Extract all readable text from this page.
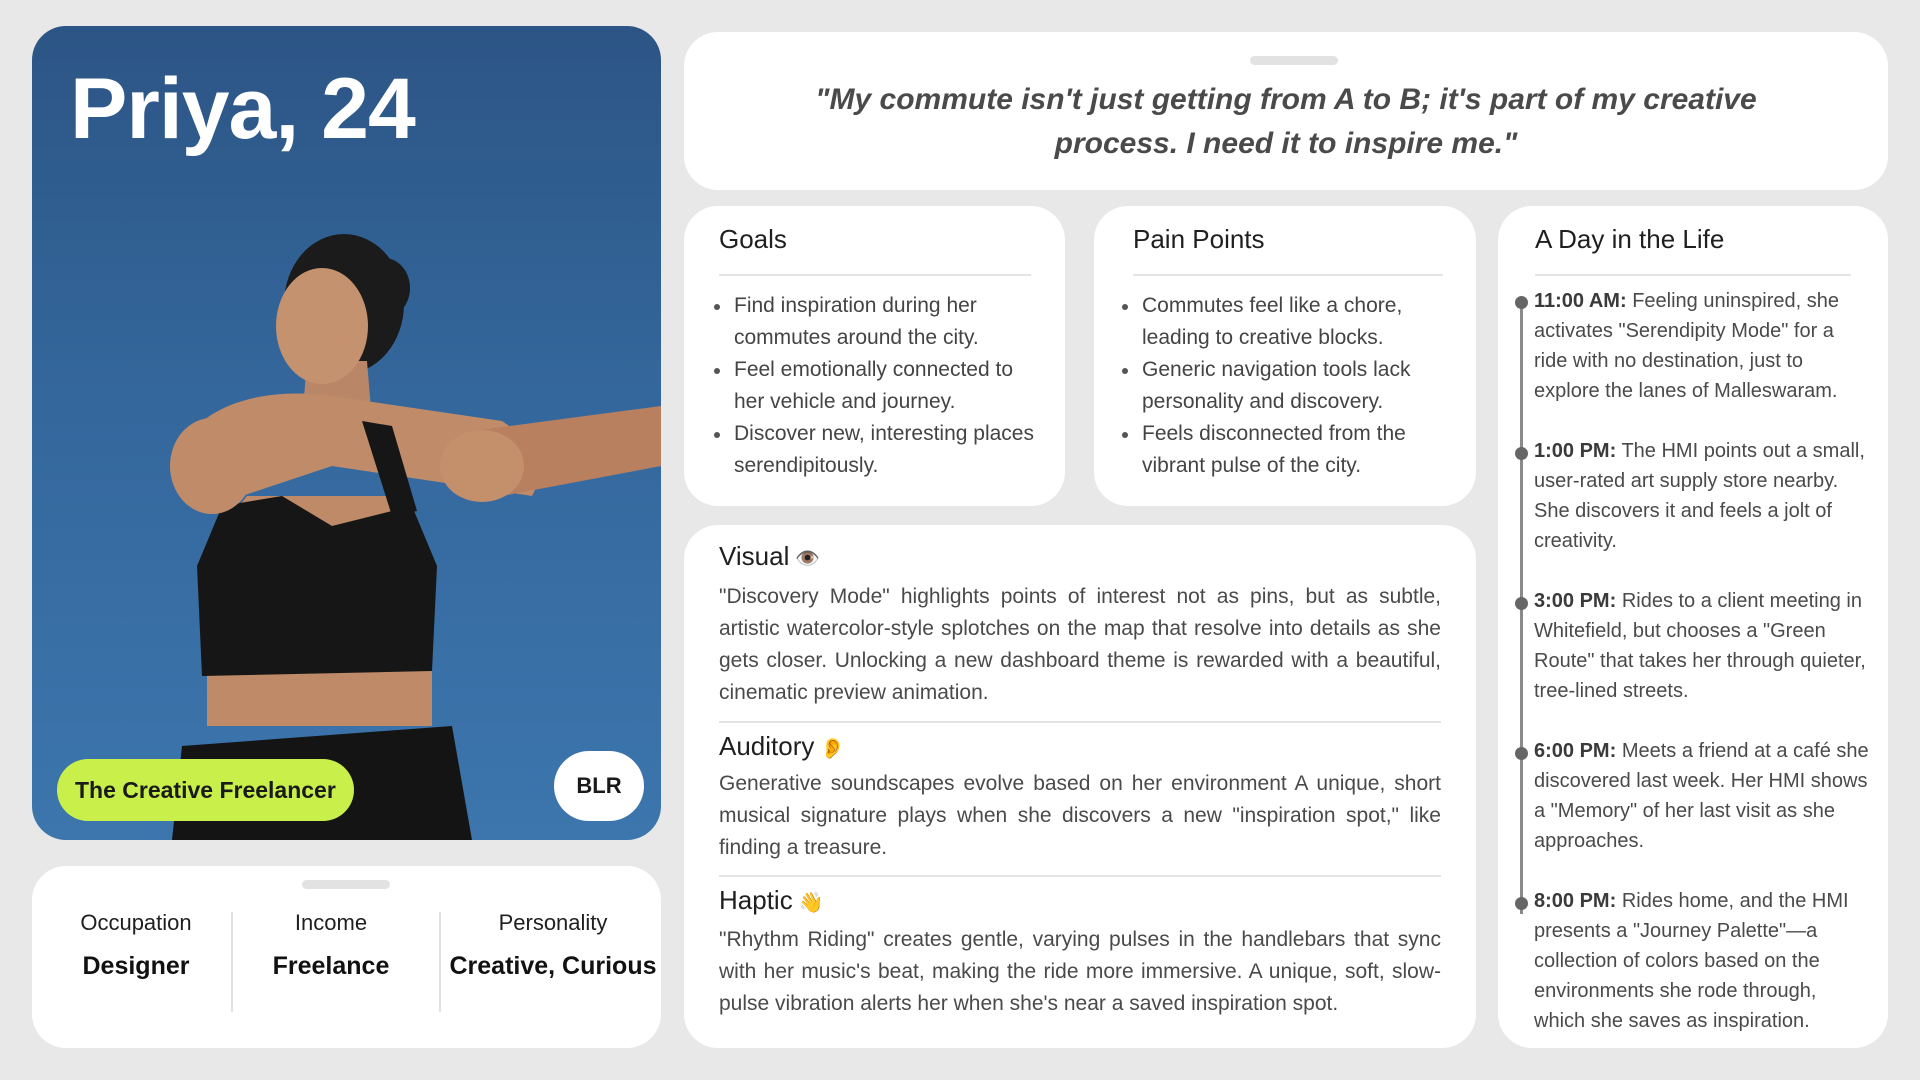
Priya, 24
The Creative Freelancer	BLR
Occupation
Designer
Income
Freelance
Personality
Creative, Curious
"My commute isn't just getting from A to B; it's part of my creative process. I need it to inspire me."
Goals
Find inspiration during her commutes around the city.
Feel emotionally connected to her vehicle and journey.
Discover new, interesting places serendipitously.
Pain Points
Commutes feel like a chore, leading to creative blocks.
Generic navigation tools lack personality and discovery.
Feels disconnected from the vibrant pulse of the city.
Visual 👁️
"Discovery Mode" highlights points of interest not as pins, but as subtle, artistic watercolor-style splotches on the map that resolve into details as she gets closer. Unlocking a new dashboard theme is rewarded with a beautiful, cinematic preview animation.
Auditory 👂
Generative soundscapes evolve based on her environment A unique, short musical signature plays when she discovers a new "inspiration spot," like finding a treasure.
Haptic 👋
"Rhythm Riding" creates gentle, varying pulses in the handlebars that sync with her music's beat, making the ride more immersive. A unique, soft, slow-pulse vibration alerts her when she's near a saved inspiration spot.
A Day in the Life
11:00 AM: Feeling uninspired, she activates "Serendipity Mode" for a ride with no destination, just to explore the lanes of Malleswaram.
1:00 PM: The HMI points out a small, user-rated art supply store nearby. She discovers it and feels a jolt of creativity.
3:00 PM: Rides to a client meeting in Whitefield, but chooses a "Green Route" that takes her through quieter, tree-lined streets.
6:00 PM: Meets a friend at a café she discovered last week. Her HMI shows a "Memory" of her last visit as she approaches.
8:00 PM: Rides home, and the HMI presents a "Journey Palette"—a collection of colors based on the environments she rode through, which she saves as inspiration.
